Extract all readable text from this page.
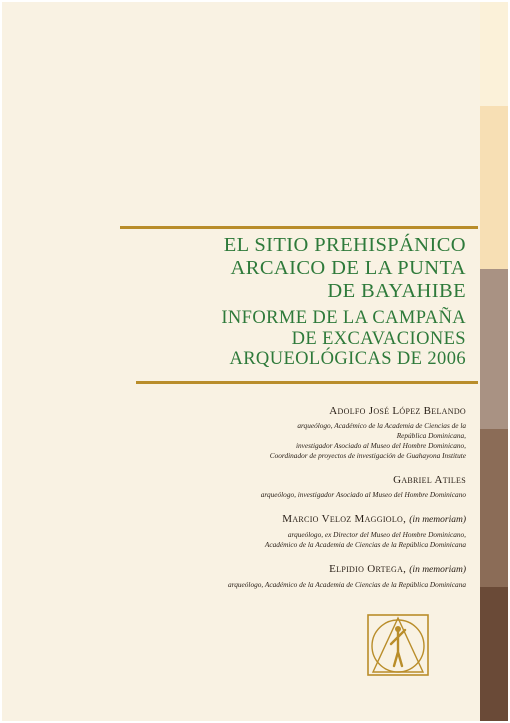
EL SITIO PREHISPÁNICO
ARCAICO DE LA PUNTA
DE BAYAHIBE
INFORME DE LA CAMPAÑA
DE EXCAVACIONES
ARQUEOLÓGICAS DE 2006
Adolfo José López Belando
arqueólogo, Académico de la Academia de Ciencias de la
República Dominicana,
investigador Asociado al Museo del Hombre Dominicano,
Coordinador de proyectos de investigación de Guahayona Institute
Gabriel Atiles
arqueólogo, investigador Asociado al Museo del Hombre Dominicano
Marcio Veloz Maggiolo, (in memoriam)
arqueólogo, ex Director del Museo del Hombre Dominicano,
Académico de la Academia de Ciencias de la República Dominicana
Elpidio Ortega, (in memoriam)
arqueólogo, Académico de la Academia de Ciencias de la República Dominicana
